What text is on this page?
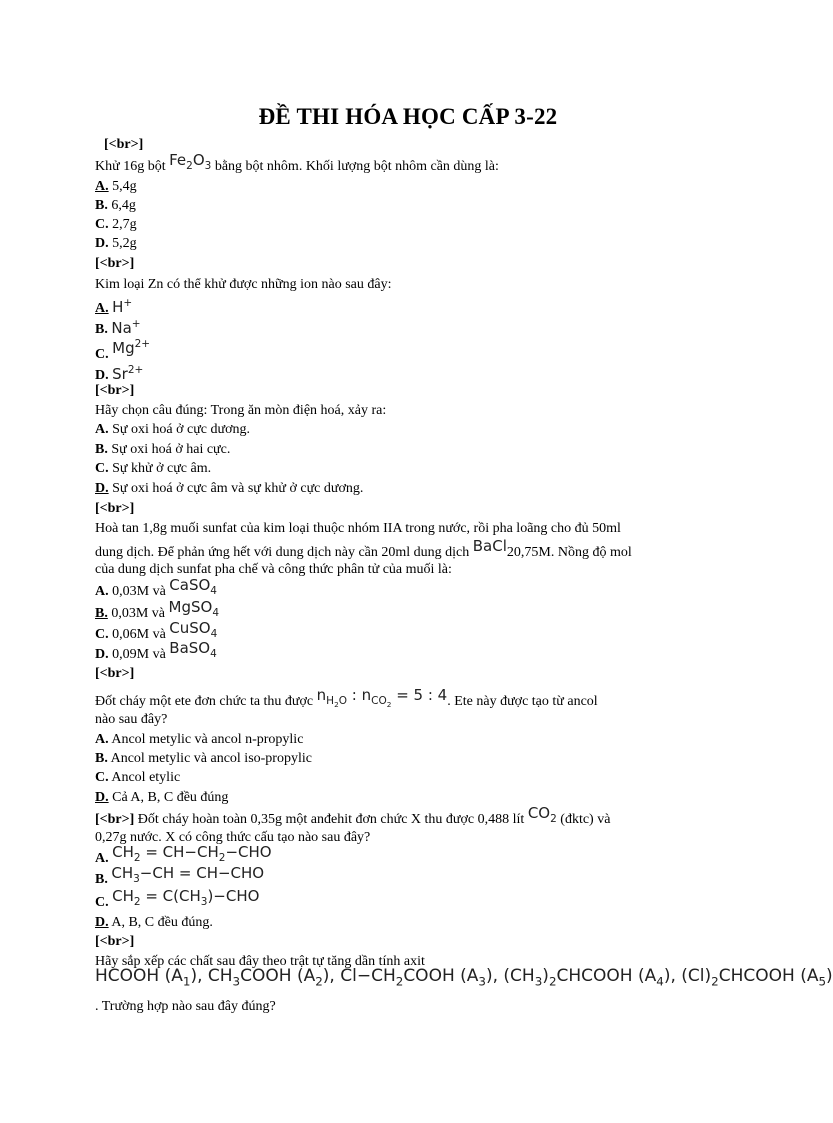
ĐỀ THI HÓA HỌC CẤP 3-22
[<br>]
Khử 16g bột $Fe_2O_3$ bằng bột nhôm. Khối lượng bột nhôm cần dùng là:
A. 5,4g
B. 6,4g
C. 2,7g
D. 5,2g
[<br>]
Kim loại Zn có thể khử được những ion nào sau đây:
A. H+
B. Na+
C. $Mg^{2+}$
D. $Sr^{2+}$
[<br>]
Hãy chọn câu đúng: Trong ăn mòn điện hoá, xảy ra:
A. Sự oxi hoá ở cực dương.
B. Sự oxi hoá ở hai cực.
C. Sự khử ở cực âm.
D. Sự oxi hoá ở cực âm và sự khử ở cực dương.
[<br>]
Hoà tan 1,8g muối sunfat của kim loại thuộc nhóm IIA trong nước, rồi pha loãng cho đủ 50ml
dung dịch. Để phản ứng hết với dung dịch này cần 20ml dung dịch BaCl20,75M. Nồng độ mol
của dung dịch sunfat pha chế và công thức phân tử của muối là:
A. 0,03M và CaSO$_4$
B. 0,03M và MgSO$_4$
C. 0,06M và CuSO$_4$
D. 0,09M và BaSO$_4$
[<br>]
Đốt cháy một ete đơn chức ta thu được $n_{H_2O}$ : $n_{CO_2} = 5$ : 4. Ete này được tạo từ ancol
nào sau đây?
A. Ancol metylic và ancol n-propylic
B. Ancol metylic và ancol iso-propylic
C. Ancol etylic
D. Cả A, B, C đều đúng
[<br>] Đốt cháy hoàn toàn 0,35g một anđehit đơn chức X thu được 0,488 lít $CO_2$ (đktc) và
0,27g nước. X có công thức cấu tạo nào sau đây?
A. $CH_2 = CH-CH_2-CHO$
B. $CH_3-CH = CH-CHO$
C. $CH_2 = C(CH_3)-CHO$
D. A, B, C đều đúng.
[<br>]
Hãy sắp xếp các chất sau đây theo trật tự tăng dần tính axit
HCOOH $(A_1)$, $CH_3COOH$ $(A_2)$, $Cl-CH_2COOH$ $(A_3)$, $(CH_3)_2CHCOOH$ $(A_4)$, $(Cl)_2CHCOOH$ $(A_5)$
. Trường hợp nào sau đây đúng?
